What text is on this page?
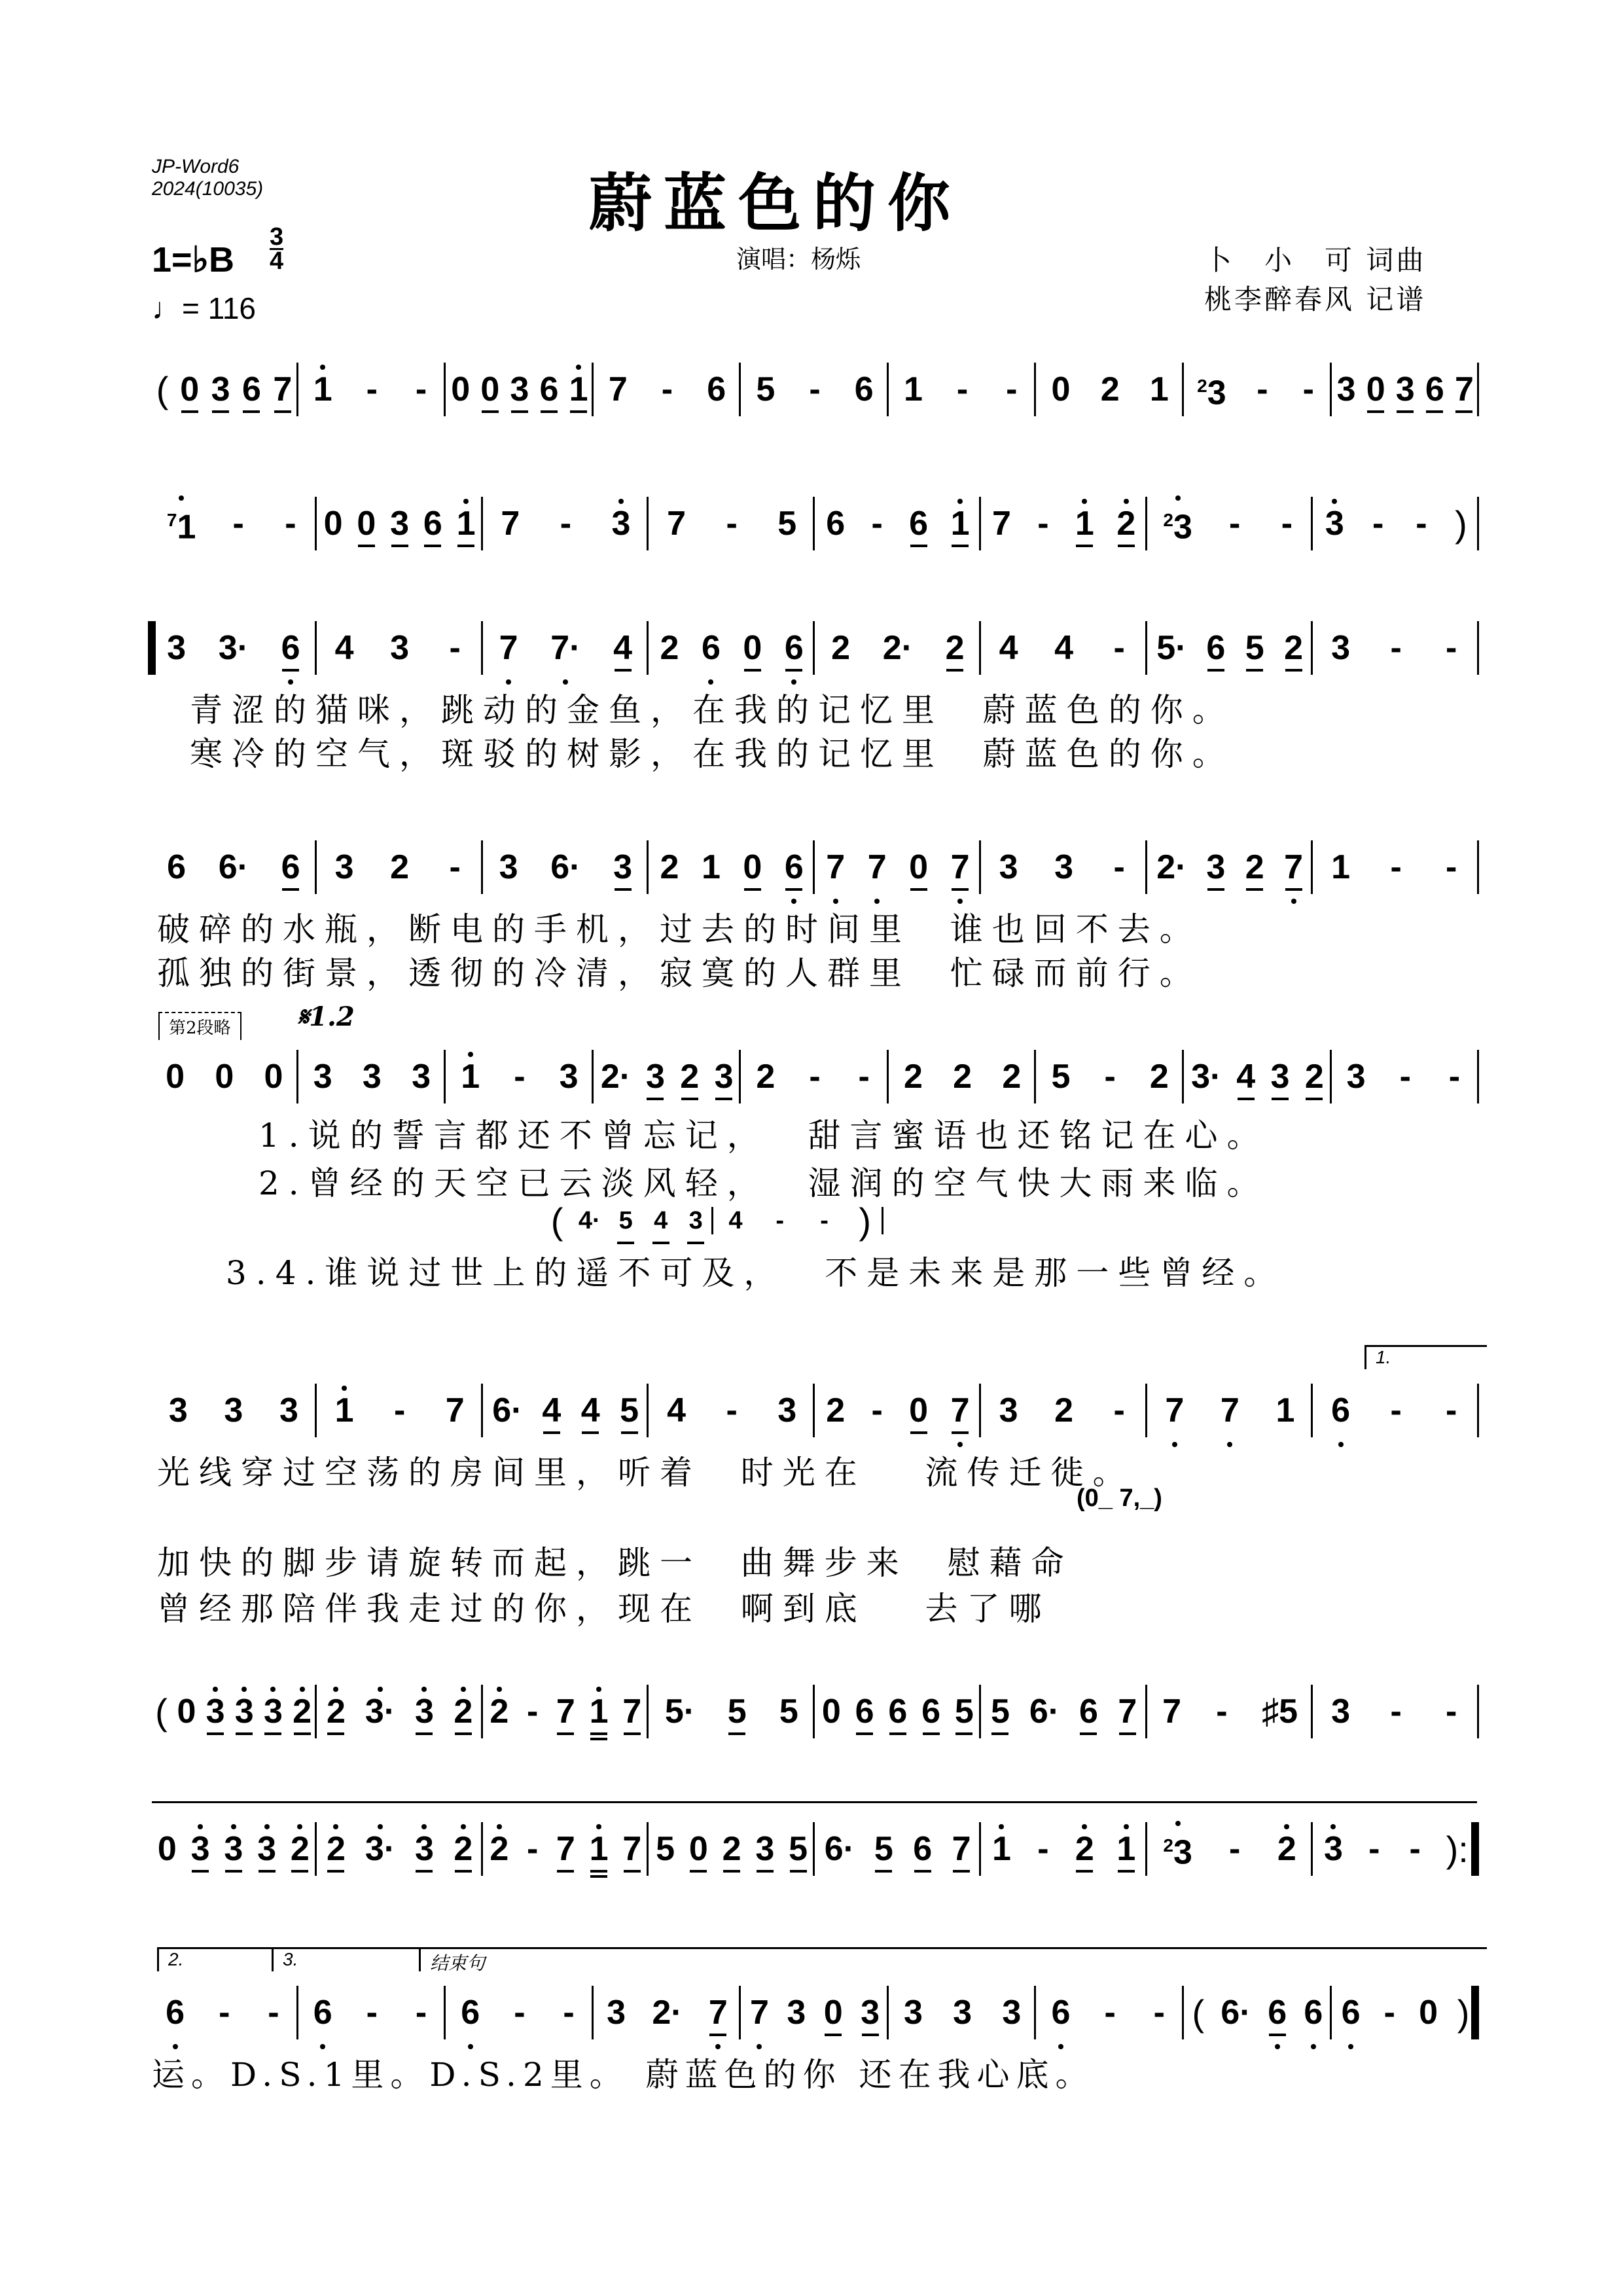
JP-Word6
2024(10035)	蔚蓝色的你
1=♭B $\frac{3}{4}$
♩= 116
演唱：杨烁	卜　小　可 词曲
桃李醉春风 记谱
( 0 3 6 7 1 - - 0 0 3 6 1 7 - 6 5 - 6 1 - - 0 2 1 $^2$3 - - 3 0 3 6 7
$^7$1 - - 0 0 3 6 1 7 - 3 7 - 5 6 - 6 1 7 - 1 2 $^2$3 - - 3 - - )
3 3· 6 4 3 - 7 7· 4 2 6 0 6 2 2· 2 4 4 - 5· 6 5 2 3 - -
青涩的猫咪，跳动的金鱼，在我的记忆里  蔚蓝色的你。
寒冷的空气，斑驳的树影，在我的记忆里  蔚蓝色的你。
6 6· 6 3 2 - 3 6· 3 2 1 0 6 7 7 0 7 3 3 - 2· 3 2 7 1 - -
破碎的水瓶，断电的手机，过去的时间里  谁也回不去。
孤独的街景，透彻的冷清，寂寞的人群里  忙碌而前行。
第2段略	𝄋1.2
0 0 0 3 3 3 1 - 3 2· 3 2 3 2 - - 2 2 2 5 - 2 3· 4 3 2 3 - -
1.说的誓言都还不曾忘记，  甜言蜜语也还铭记在心。
2.曾经的天空已云淡风轻，  湿润的空气快大雨来临。
( 4· 5 4 3 4 - - )
3.4.谁说过世上的遥不可及，  不是未来是那一些曾经。
1.
3 3 3 1 - 7 6· 4 4 5 4 - 3 2 - 0 7 3 2 - 7 7 1 6 - -
光线穿过空荡的房间里，听着  时光在   流传迁徙。
(0_ 7,_)
加快的脚步请旋转而起，跳一  曲舞步来  慰藉命
曾经那陪伴我走过的你，现在  啊到底   去了哪
( 0 3 3 3 2 2 3· 3 2 2 - 7 1 7 5· 5 5 0 6 6 6 5 5 6· 6 7 7 - ♯5 3 - -
0 3 3 3 2 2 3· 3 2 2 - 7 1 7 5 0 2 3 5 6· 5 6 7 1 - 2 1 $^2$3 - 2 3 - - ):
2.	3.	结束句
6 - - 6 - - 6 - - 3 2· 7 7 3 0 3 3 3 3 6 - - ( 6· 6 6 6 - 0 )
运。D.S.1里。D.S.2里。 蔚蓝色的你 还在我心底。
